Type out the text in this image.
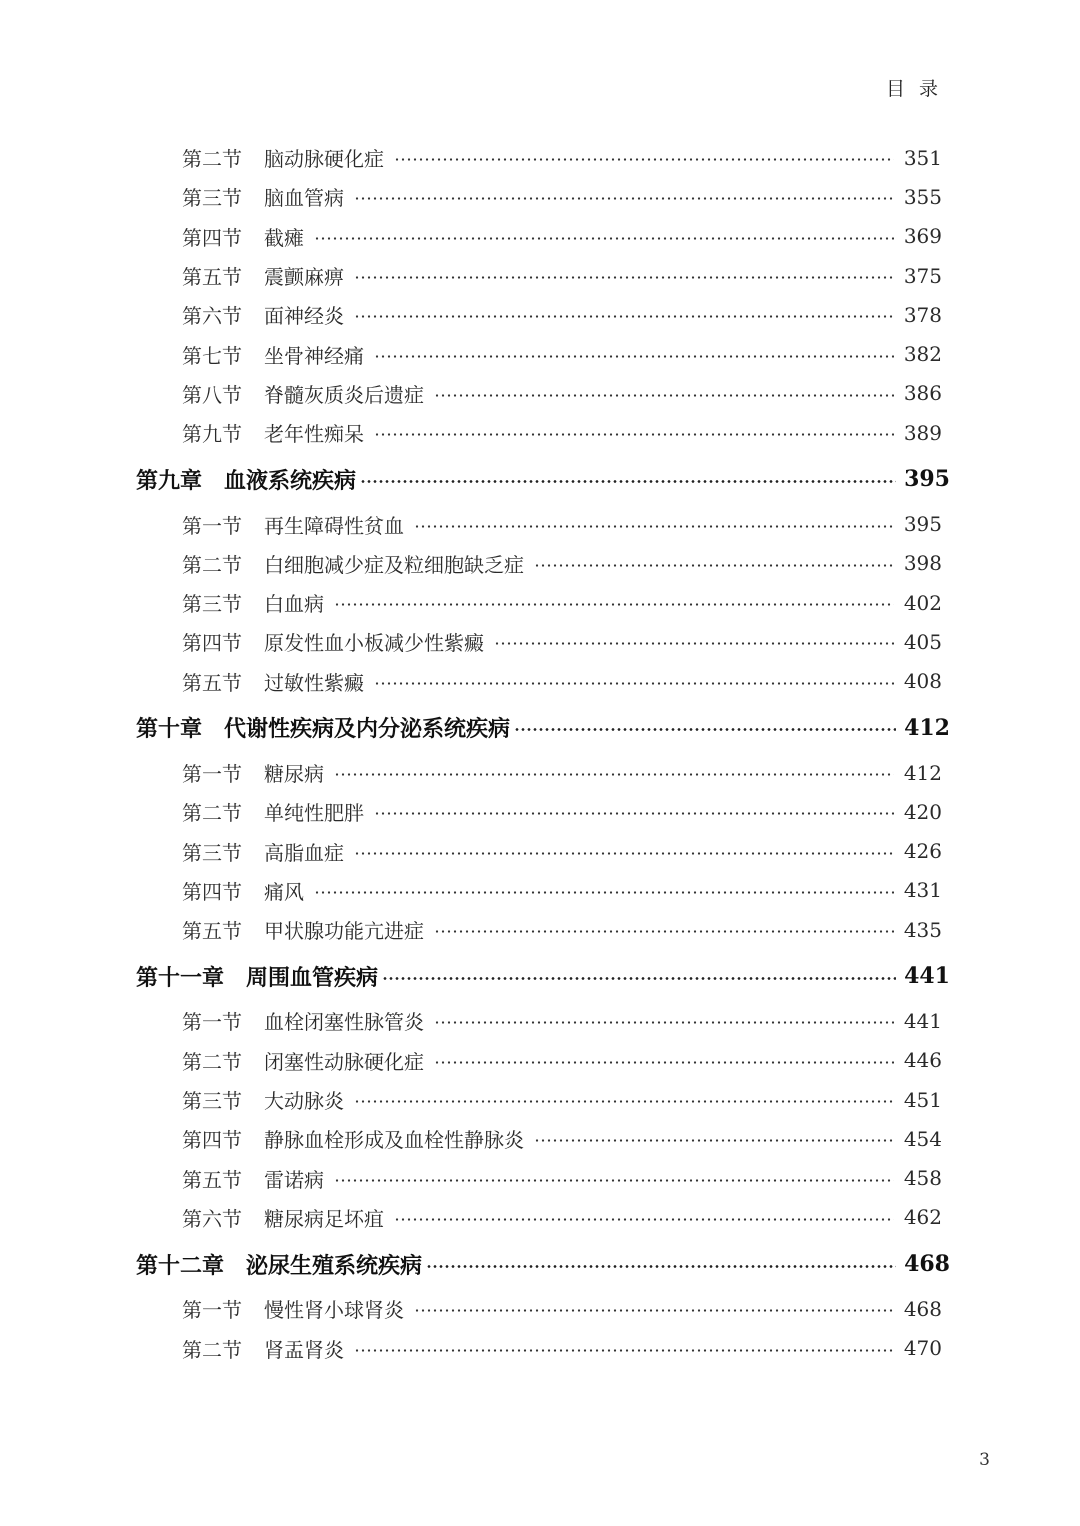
目录
第二节	脑动脉硬化症	351
第三节	脑血管病	355
第四节	截瘫	369
第五节	震颤麻痹	375
第六节	面神经炎	378
第七节	坐骨神经痛	382
第八节	脊髓灰质炎后遗症	386
第九节	老年性痴呆	389
第九章 血液系统疾病	395
第一节	再生障碍性贫血	395
第二节	白细胞减少症及粒细胞缺乏症	398
第三节	白血病	402
第四节	原发性血小板减少性紫癜	405
第五节	过敏性紫癜	408
第十章 代谢性疾病及内分泌系统疾病	412
第一节	糖尿病	412
第二节	单纯性肥胖	420
第三节	高脂血症	426
第四节	痛风	431
第五节	甲状腺功能亢进症	435
第十一章 周围血管疾病	441
第一节	血栓闭塞性脉管炎	441
第二节	闭塞性动脉硬化症	446
第三节	大动脉炎	451
第四节	静脉血栓形成及血栓性静脉炎	454
第五节	雷诺病	458
第六节	糖尿病足坏疽	462
第十二章 泌尿生殖系统疾病	468
第一节	慢性肾小球肾炎	468
第二节	肾盂肾炎	470
3
